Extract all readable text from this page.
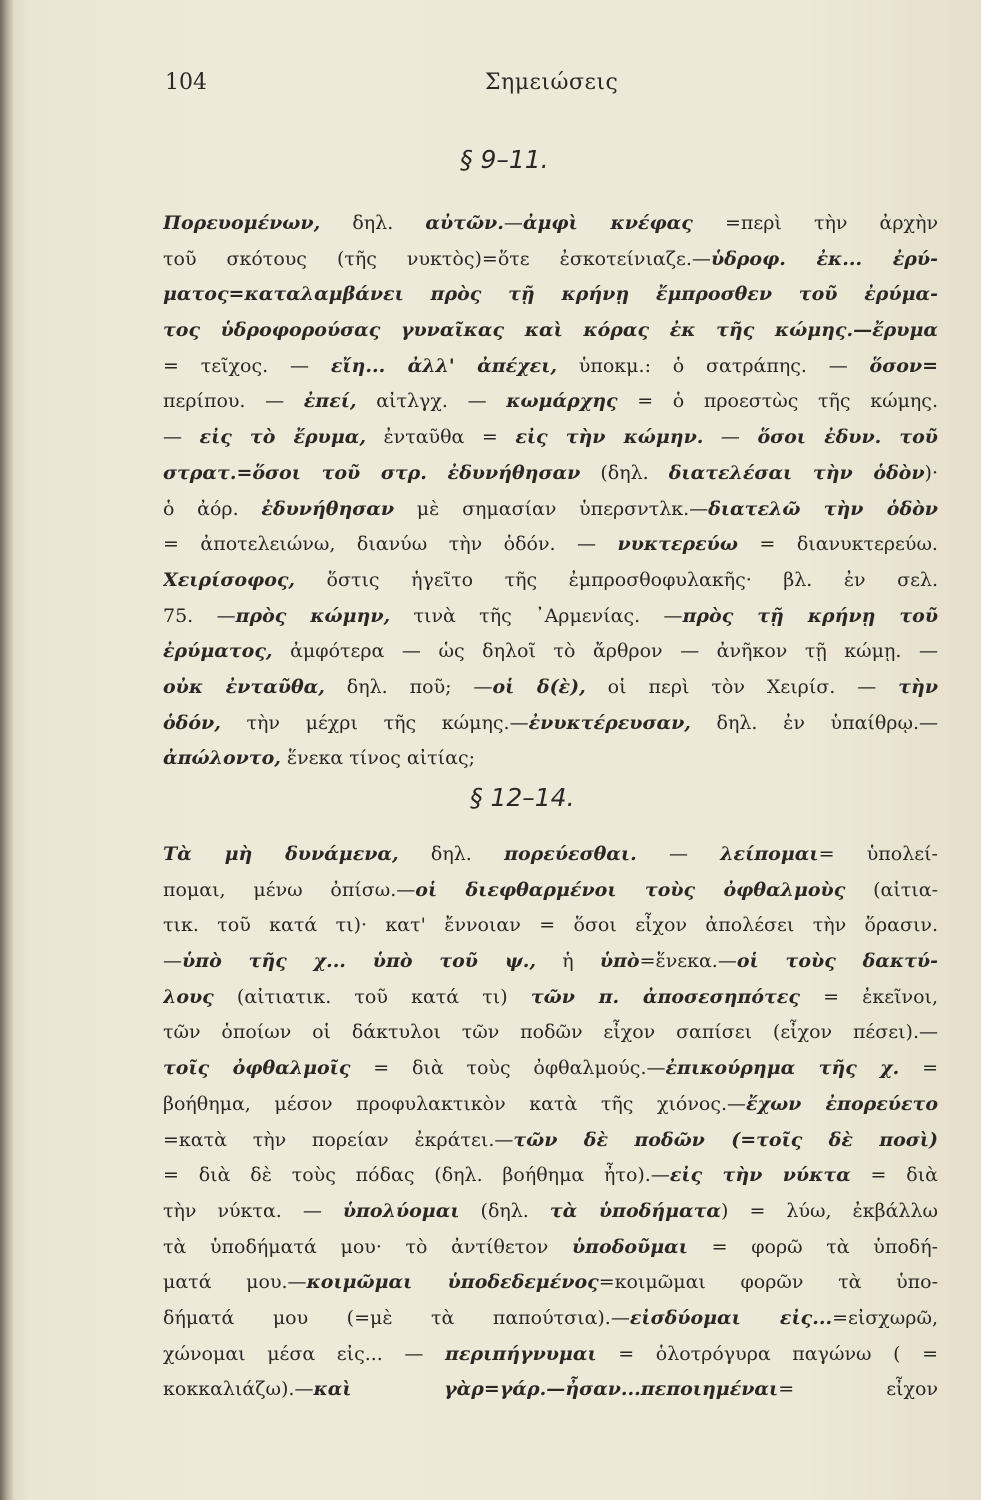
104	Σημειώσεις
§ 9–11.
Πορευομένων, δηλ. αὐτῶν.—ἀμφὶ κνέφας =περὶ τὴν ἀρχὴν
τοῦ σκότους (τῆς νυκτὸς)=ὅτε ἐσκοτείνιαζε.—ὑδροφ. ἐκ... ἐρύ-
ματος=καταλαμβάνει πρὸς τῇ κρήνῃ ἔμπροσθεν τοῦ ἐρύμα-
τος ὑδροφορούσας γυναῖκας καὶ κόρας ἐκ τῆς κώμης.—ἔρυμα
= τεῖχος. — εἴη... ἀλλ' ἀπέχει, ὑποκμ.: ὁ σατράπης. — ὅσον=
περίπου. — ἐπεί, αἰτλγχ. — κωμάρχης = ὁ προεστὼς τῆς κώμης.
— εἰς τὸ ἔρυμα, ἐνταῦθα = εἰς τὴν κώμην. — ὅσοι ἐδυν. τοῦ
στρατ.=ὅσοι τοῦ στρ. ἐδυνήθησαν (δηλ. διατελέσαι τὴν ὁδὸν)·
ὁ ἀόρ. ἐδυνήθησαν μὲ σημασίαν ὑπερσντλκ.—διατελῶ τὴν ὁδὸν
= ἀποτελειώνω, διανύω τὴν ὁδόν. — νυκτερεύω = διανυκτερεύω.
Χειρίσοφος, ὅστις ἡγεῖτο τῆς ἐμπροσθοφυλακῆς· βλ. ἐν σελ.
75. —πρὸς κώμην, τινὰ τῆς ᾿Αρμενίας. —πρὸς τῇ κρήνῃ τοῦ
ἐρύματος, ἀμφότερα — ὡς δηλοῖ τὸ ἄρθρον — ἀνῆκον τῇ κώμῃ. —
οὐκ ἐνταῦθα, δηλ. ποῦ; —οἱ δ(ὲ), οἱ περὶ τὸν Χειρίσ. — τὴν
ὁδόν, τὴν μέχρι τῆς κώμης.—ἐνυκτέρευσαν, δηλ. ἐν ὑπαίθρῳ.—
ἀπώλοντο, ἕνεκα τίνος αἰτίας;
§ 12–14.
Τὰ μὴ δυνάμενα, δηλ. πορεύεσθαι. — λείπομαι= ὑπολεί-
πομαι, μένω ὀπίσω.—οἱ διεφθαρμένοι τοὺς ὀφθαλμοὺς (αἰτια-
τικ. τοῦ κατά τι)· κατ' ἔννοιαν = ὅσοι εἶχον ἀπολέσει τὴν ὅρασιν.
—ὑπὸ τῆς χ... ὑπὸ τοῦ ψ., ἡ ὑπὸ=ἕνεκα.—οἱ τοὺς δακτύ-
λους (αἰτιατικ. τοῦ κατά τι) τῶν π. ἀποσεσηπότες = ἐκεῖνοι,
τῶν ὁποίων οἱ δάκτυλοι τῶν ποδῶν εἶχον σαπίσει (εἶχον πέσει).—
τοῖς ὀφθαλμοῖς = διὰ τοὺς ὀφθαλμούς.—ἐπικούρημα τῆς χ. =
βοήθημα, μέσον προφυλακτικὸν κατὰ τῆς χιόνος.—ἔχων ἐπορεύετο
=κατὰ τὴν πορείαν ἐκράτει.—τῶν δὲ ποδῶν (=τοῖς δὲ ποσὶ)
= διὰ δὲ τοὺς πόδας (δηλ. βοήθημα ἦτο).—εἰς τὴν νύκτα = διὰ
τὴν νύκτα. — ὑπολύομαι (δηλ. τὰ ὑποδήματα) = λύω, ἐκβάλλω
τὰ ὑποδήματά μου· τὸ ἀντίθετον ὑποδοῦμαι = φορῶ τὰ ὑποδή-
ματά μου.—κοιμῶμαι ὑποδεδεμένος=κοιμῶμαι φορῶν τὰ ὑπο-
δήματά μου (=μὲ τὰ παπούτσια).—εἰσδύομαι εἰς...=εἰσχωρῶ,
χώνομαι μέσα εἰς... — περιπήγνυμαι = ὁλοτρόγυρα παγώνω ( =
κοκκαλιάζω).—καὶ γὰρ=γάρ.—ἦσαν...πεποιημέναι= εἶχον
